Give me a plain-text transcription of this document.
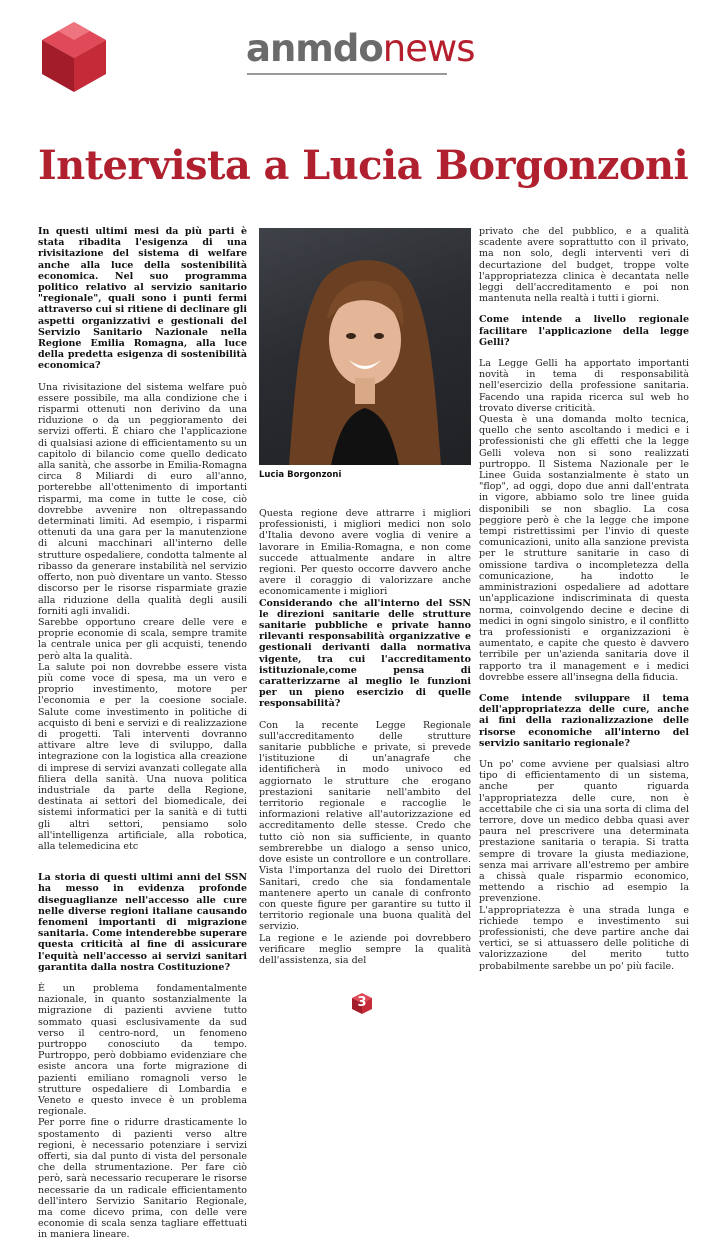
anmdonews
Intervista a Lucia Borgonzoni

In questi ultimi mesi da più parti è stata ribadita l'esigenza di una rivisitazione del sistema di welfare anche alla luce della sostenibilità economica. Nel suo programma politico relativo al servizio sanitario "regionale", quali sono i punti fermi attraverso cui si ritiene di declinare gli aspetti organizzativi e gestionali del Servizio Sanitario Nazionale nella Regione Emilia Romagna, alla luce della predetta esigenza di sostenibilità economica?

Una rivisitazione del sistema welfare può essere possibile, ma alla condizione che i risparmi ottenuti non derivino da una riduzione o da un peggioramento dei servizi offerti. È chiaro che l'applicazione di qualsiasi azione di efficientamento su un capitolo di bilancio come quello dedicato alla sanità, che assorbe in Emilia-Romagna circa 8 Miliardi di euro all'anno, porterebbe all'ottenimento di importanti risparmi, ma come in tutte le cose, ciò dovrebbe avvenire non oltrepassando determinati limiti. Ad esempio, i risparmi ottenuti da una gara per la manutenzione di alcuni macchinari all'interno delle strutture ospedaliere, condotta talmente al ribasso da generare instabilità nel servizio offerto, non può diventare un vanto. Stesso discorso per le risorse risparmiate grazie alla riduzione della qualità degli ausili forniti agli invalidi.

Sarebbe opportuno creare delle vere e proprie economie di scala, sempre tramite la centrale unica per gli acquisti, tenendo però alta la qualità.

La salute poi non dovrebbe essere vista più come voce di spesa, ma un vero e proprio investimento, motore per l'economia e per la coesione sociale. Salute come investimento in politiche di acquisto di beni e servizi e di realizzazione di progetti. Tali interventi dovranno attivare altre leve di sviluppo, dalla integrazione con la logistica alla creazione di imprese di servizi avanzati collegate alla filiera della sanità. Una nuova politica industriale da parte della Regione, destinata ai settori del biomedicale, dei sistemi informatici per la sanità e di tutti gli altri settori, pensiamo solo all'intelligenza artificiale, alla robotica, alla telemedicina etc

La storia di questi ultimi anni del SSN ha messo in evidenza profonde diseguaglianze nell'accesso alle cure nelle diverse regioni italiane causando fenomeni importanti di migrazione sanitaria. Come intenderebbe superare questa criticità al fine di assicurare l'equità nell'accesso ai servizi sanitari garantita dalla nostra Costituzione?

È un problema fondamentalmente nazionale, in quanto sostanzialmente la migrazione di pazienti avviene tutto sommato quasi esclusivamente da sud verso il centro-nord, un fenomeno purtroppo conosciuto da tempo. Purtroppo, però dobbiamo evidenziare che esiste ancora una forte migrazione di pazienti emiliano romagnoli verso le strutture ospedaliere di Lombardia e Veneto e questo invece è un problema regionale.

Per porre fine o ridurre drasticamente lo spostamento di pazienti verso altre regioni, è necessario potenziare i servizi offerti, sia dal punto di vista del personale che della strumentazione. Per fare ciò però, sarà necessario recuperare le risorse necessarie da un radicale efficientamento dell'intero Servizio Sanitario Regionale, ma come dicevo prima, con delle vere economie di scala senza tagliare effettuati in maniera lineare.

Lucia Borgonzoni

Questa regione deve attrarre i migliori professionisti, i migliori medici non solo d'Italia devono avere voglia di venire a lavorare in Emilia-Romagna, e non come succede attualmente andare in altre regioni. Per questo occorre davvero anche avere il coraggio di valorizzare anche economicamente i migliori

Considerando che all'interno del SSN le direzioni sanitarie delle strutture sanitarie pubbliche e private hanno rilevanti responsabilità organizzative e gestionali derivanti dalla normativa vigente, tra cui l'accreditamento istituzionale,come pensa di caratterizzarne al meglio le funzioni per un pieno esercizio di quelle responsabilità?

Con la recente Legge Regionale sull'accreditamento delle strutture sanitarie pubbliche e private, si prevede l'istituzione di un'anagrafe che identificherà in modo univoco ed aggiornato le strutture che erogano prestazioni sanitarie nell'ambito del territorio regionale e raccoglie le informazioni relative all'autorizzazione ed accreditamento delle stesse. Credo che tutto ciò non sia sufficiente, in quanto sembrerebbe un dialogo a senso unico, dove esiste un controllore e un controllare. Vista l'importanza del ruolo dei Direttori Sanitari, credo che sia fondamentale mantenere aperto un canale di confronto con queste figure per garantire su tutto il territorio regionale una buona qualità del servizio.

La regione e le aziende poi dovrebbero verificare meglio sempre la qualità dell'assistenza, sia del

privato che del pubblico, e a qualità scadente avere soprattutto con il privato, ma non solo, degli interventi veri di decurtazione del budget, troppe volte l'appropriatezza clinica è decantata nelle leggi dell'accreditamento e poi non mantenuta nella realtà i tutti i giorni.

Come intende a livello regionale facilitare l'applicazione della legge Gelli?

La Legge Gelli ha apportato importanti novità in tema di responsabilità nell'esercizio della professione sanitaria. Facendo una rapida ricerca sul web ho trovato diverse criticità.

Questa è una domanda molto tecnica, quello che sento ascoltando i medici e i professionisti che gli effetti che la legge Gelli voleva non si sono realizzati purtroppo. Il Sistema Nazionale per le Linee Guida sostanzialmente è stato un "flop", ad oggi, dopo due anni dall'entrata in vigore, abbiamo solo tre linee guida disponibili se non sbaglio. La cosa peggiore però è che la legge che impone tempi ristrettissimi per l'invio di queste comunicazioni, unito alla sanzione prevista per le strutture sanitarie in caso di omissione tardiva o incompletezza della comunicazione, ha indotto le amministrazioni ospedaliere ad adottare un'applicazione indiscriminata di questa norma, coinvolgendo decine e decine di medici in ogni singolo sinistro, e il conflitto tra professionisti e organizzazioni è aumentato, e capite che questo è davvero terribile per un'azienda sanitaria dove il rapporto tra il management e i medici dovrebbe essere all'insegna della fiducia.

Come intende sviluppare il tema dell'appropriatezza delle cure, anche ai fini della razionalizzazione delle risorse economiche all'interno del servizio sanitario regionale?

Un po' come avviene per qualsiasi altro tipo di efficientamento di un sistema, anche per quanto riguarda l'appropriatezza delle cure, non è accettabile che ci sia una sorta di clima del terrore, dove un medico debba quasi aver paura nel prescrivere una determinata prestazione sanitaria o terapia. Si tratta sempre di trovare la giusta mediazione, senza mai arrivare all'estremo per ambire a chissà quale risparmio economico, mettendo a rischio ad esempio la prevenzione.

L'appropriatezza è una strada lunga e richiede tempo e investimento sui professionisti, che deve partire anche dai vertici, se si attuassero delle politiche di valorizzazione del merito tutto probabilmente sarebbe un po' più facile.

3
